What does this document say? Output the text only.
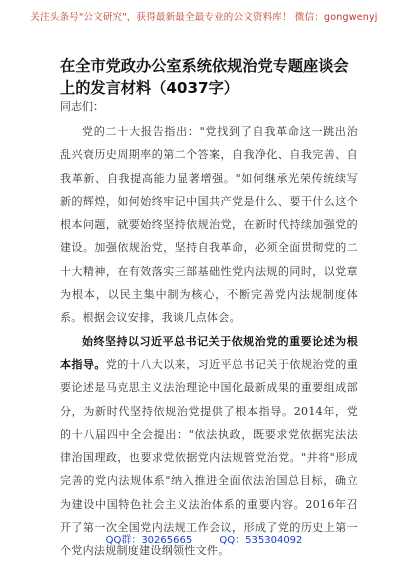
关注头条号"公文研究"，获得最新最全最专业的公文资料库！ 微信：gongwenyj
在全市党政办公室系统依规治党专题座谈会上的发言材料（4037字）
同志们：

党的二十大报告指出："党找到了自我革命这一跳出治乱兴衰历史周期率的第二个答案，自我净化、自我完善、自我革新、自我提高能力显著增强。"如何继承光荣传统续写新的辉煌，如何始终牢记中国共产党是什么、要干什么这个根本问题，就要始终坚持依规治党，在新时代持续加强党的建设。加强依规治党，坚持自我革命，必须全面贯彻党的二十大精神，在有效落实三部基础性党内法规的同时，以党章为根本，以民主集中制为核心，不断完善党内法规制度体系。根据会议安排，我谈几点体会。

始终坚持以习近平总书记关于依规治党的重要论述为根本指导。党的十八大以来，习近平总书记关于依规治党的重要论述是马克思主义法治理论中国化最新成果的重要组成部分，为新时代坚持依规治党提供了根本指导。2014年，党的十八届四中全会提出："依法执政，既要求党依据宪法法律治国理政，也要求党依据党内法规管党治党。"并将"形成完善的党内法规体系"纳入推进全面依法治国总目标，确立为建设中国特色社会主义法治体系的重要内容。2016年召开了第一次全国党内法规工作会议，形成了党的历史上第一个党内法规制度建设纲领性文件。

QQ群：30265665	QQ：535304092
